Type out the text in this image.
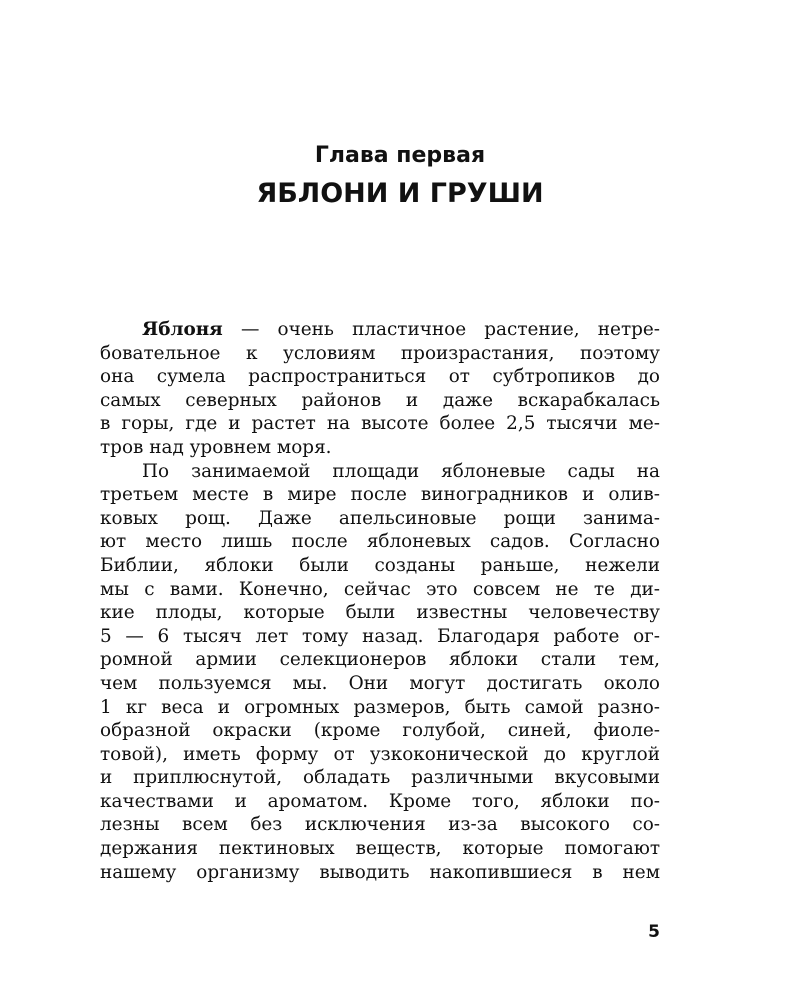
Глава первая
ЯБЛОНИ И ГРУШИ

Яблоня — очень пластичное растение, нетре-

бовательное к условиям произрастания, поэтому

она сумела распространиться от субтропиков до

самых северных районов и даже вскарабкалась

в горы, где и растет на высоте более 2,5 тысячи ме-

тров над уровнем моря.

По занимаемой площади яблоневые сады на

третьем месте в мире после виноградников и олив-

ковых рощ. Даже апельсиновые рощи занима-

ют место лишь после яблоневых садов. Согласно

Библии, яблоки были созданы раньше, нежели

мы с вами. Конечно, сейчас это совсем не те ди-

кие плоды, которые были известны человечеству

5 — 6 тысяч лет тому назад. Благодаря работе ог-

ромной армии селекционеров яблоки стали тем,

чем пользуемся мы. Они могут достигать около

1 кг веса и огромных размеров, быть самой разно-

образной окраски (кроме голубой, синей, фиоле-

товой), иметь форму от узкоконической до круглой

и приплюснутой, обладать различными вкусовыми

качествами и ароматом. Кроме того, яблоки по-

лезны всем без исключения из-за высокого со-

держания пектиновых веществ, которые помогают

нашему организму выводить накопившиеся в нем

5
